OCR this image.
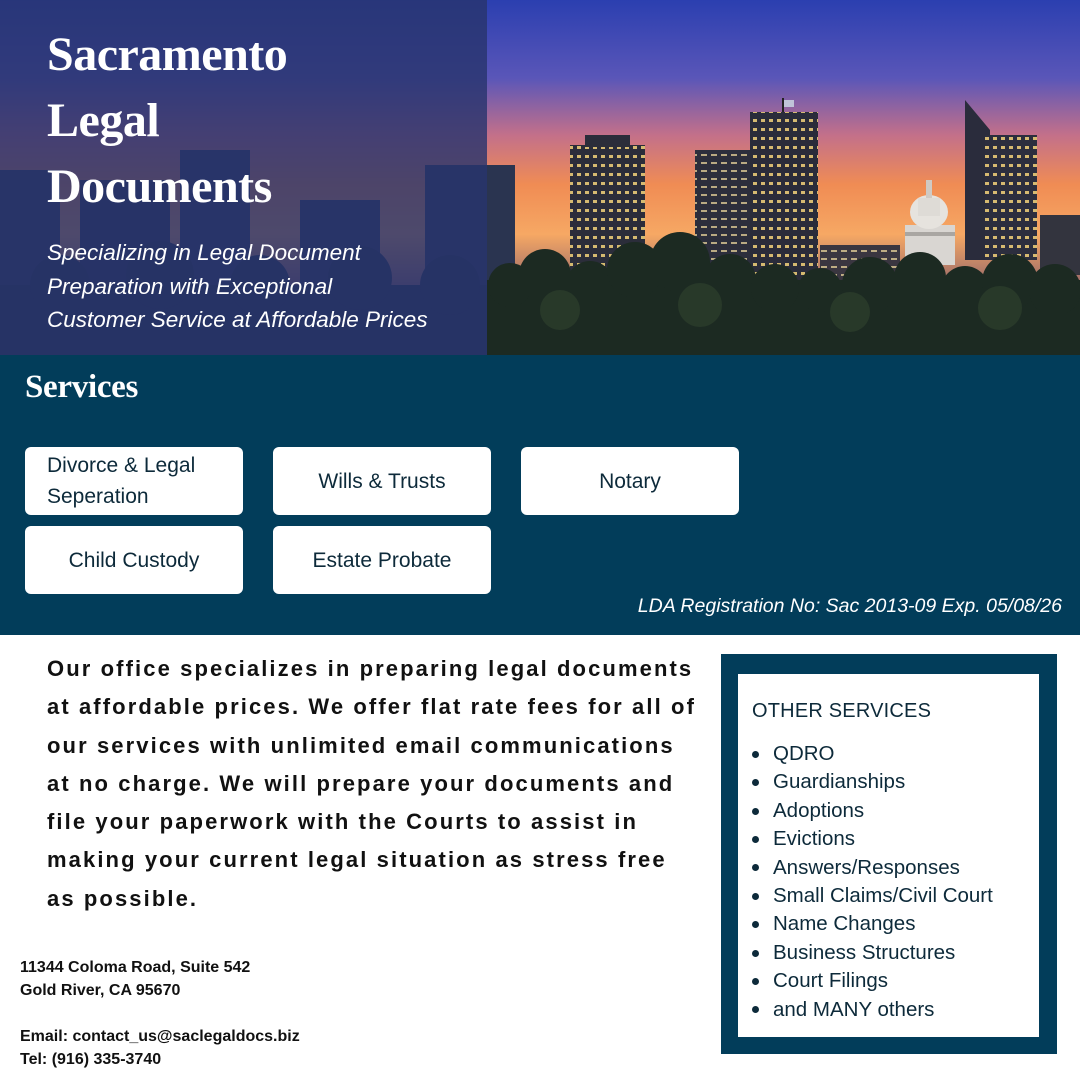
Sacramento
Legal
Documents
Specializing in Legal Document
Preparation with Exceptional
Customer Service at Affordable Prices
Services
Divorce & Legal Seperation
Wills & Trusts	Notary
Child Custody	Estate Probate
LDA Registration No: Sac 2013-09 Exp. 05/08/26
Our office specializes in preparing legal documents at affordable prices. We offer flat rate fees for all of our services with unlimited email communications at no charge. We will prepare your documents and file your paperwork with the Courts to assist in making your current legal situation as stress free as possible.
11344 Coloma Road, Suite 542
Gold River, CA 95670
Email: contact_us@saclegaldocs.biz
Tel: (916) 335-3740
OTHER SERVICES
QDRO
Guardianships
Adoptions
Evictions
Answers/Responses
Small Claims/Civil Court
Name Changes
Business Structures
Court Filings
and MANY others
